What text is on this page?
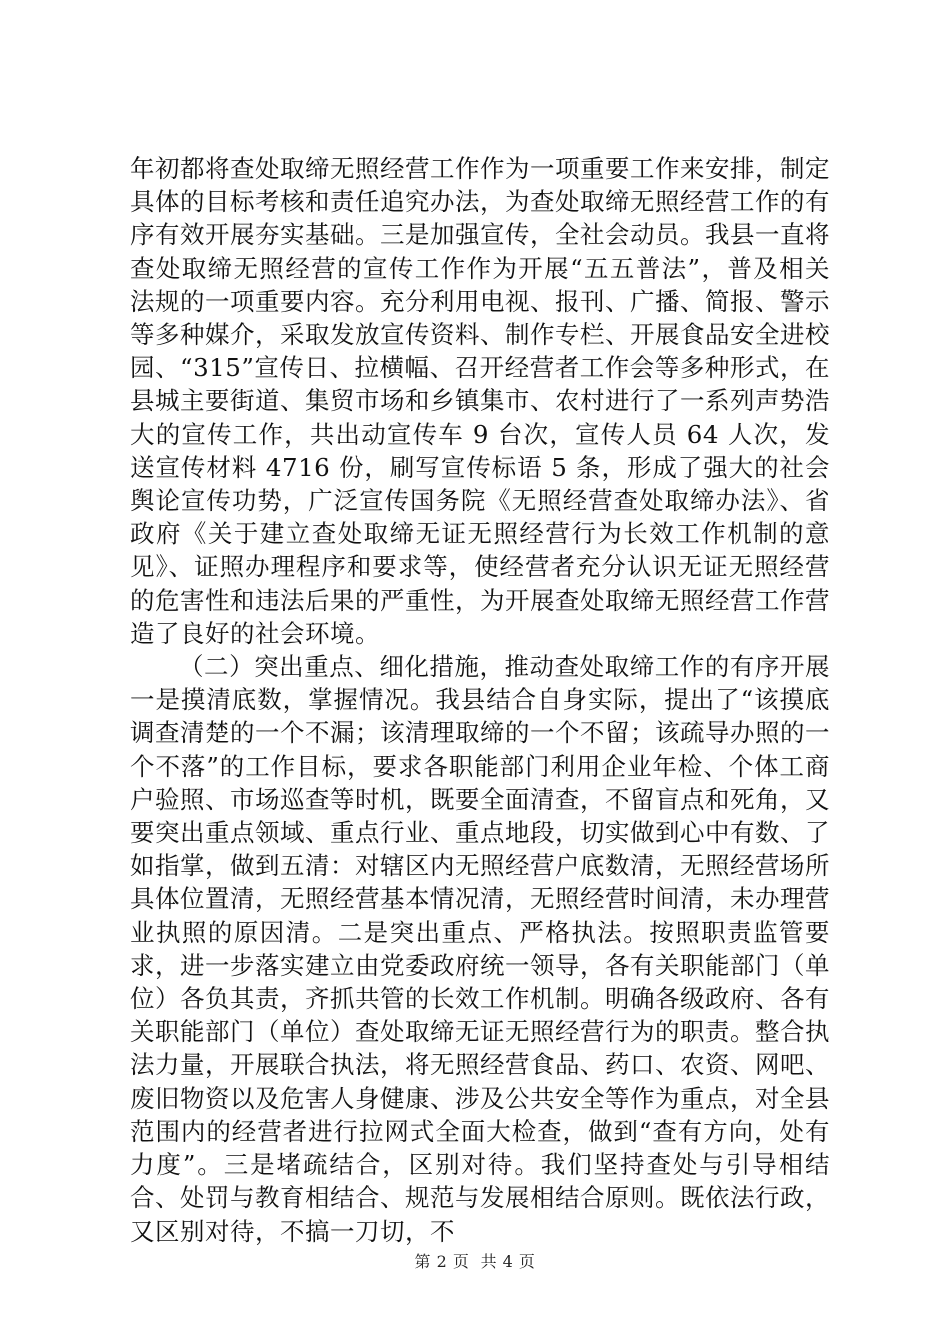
年初都将查处取缔无照经营工作作为一项重要工作来安排，制定具体的目标考核和责任追究办法，为查处取缔无照经营工作的有序有效开展夯实基础。三是加强宣传，全社会动员。我县一直将查处取缔无照经营的宣传工作作为开展“五五普法”，普及相关法规的一项重要内容。充分利用电视、报刊、广播、简报、警示等多种媒介，采取发放宣传资料、制作专栏、开展食品安全进校园、“315”宣传日、拉横幅、召开经营者工作会等多种形式，在县城主要街道、集贸市场和乡镇集市、农村进行了一系列声势浩大的宣传工作，共出动宣传车 9 台次，宣传人员 64 人次，发送宣传材料 4716 份，刷写宣传标语 5 条，形成了强大的社会舆论宣传功势，广泛宣传国务院《无照经营查处取缔办法》、省政府《关于建立查处取缔无证无照经营行为长效工作机制的意见》、证照办理程序和要求等，使经营者充分认识无证无照经营的危害性和违法后果的严重性，为开展查处取缔无照经营工作营造了良好的社会环境。

（二）突出重点、细化措施，推动查处取缔工作的有序开展一是摸清底数，掌握情况。我县结合自身实际，提出了“该摸底调查清楚的一个不漏；该清理取缔的一个不留；该疏导办照的一个不落”的工作目标，要求各职能部门利用企业年检、个体工商户验照、市场巡查等时机，既要全面清查，不留盲点和死角，又要突出重点领域、重点行业、重点地段，切实做到心中有数、了如指掌，做到五清：对辖区内无照经营户底数清，无照经营场所具体位置清，无照经营基本情况清，无照经营时间清，未办理营业执照的原因清。二是突出重点、严格执法。按照职责监管要求，进一步落实建立由党委政府统一领导，各有关职能部门（单位）各负其责，齐抓共管的长效工作机制。明确各级政府、各有关职能部门（单位）查处取缔无证无照经营行为的职责。整合执法力量，开展联合执法，将无照经营食品、药口、农资、网吧、废旧物资以及危害人身健康、涉及公共安全等作为重点，对全县范围内的经营者进行拉网式全面大检查，做到“查有方向，处有力度”。三是堵疏结合，区别对待。我们坚持查处与引导相结合、处罚与教育相结合、规范与发展相结合原则。既依法行政，又区别对待，不搞一刀切，不

第 2 页  共 4 页
